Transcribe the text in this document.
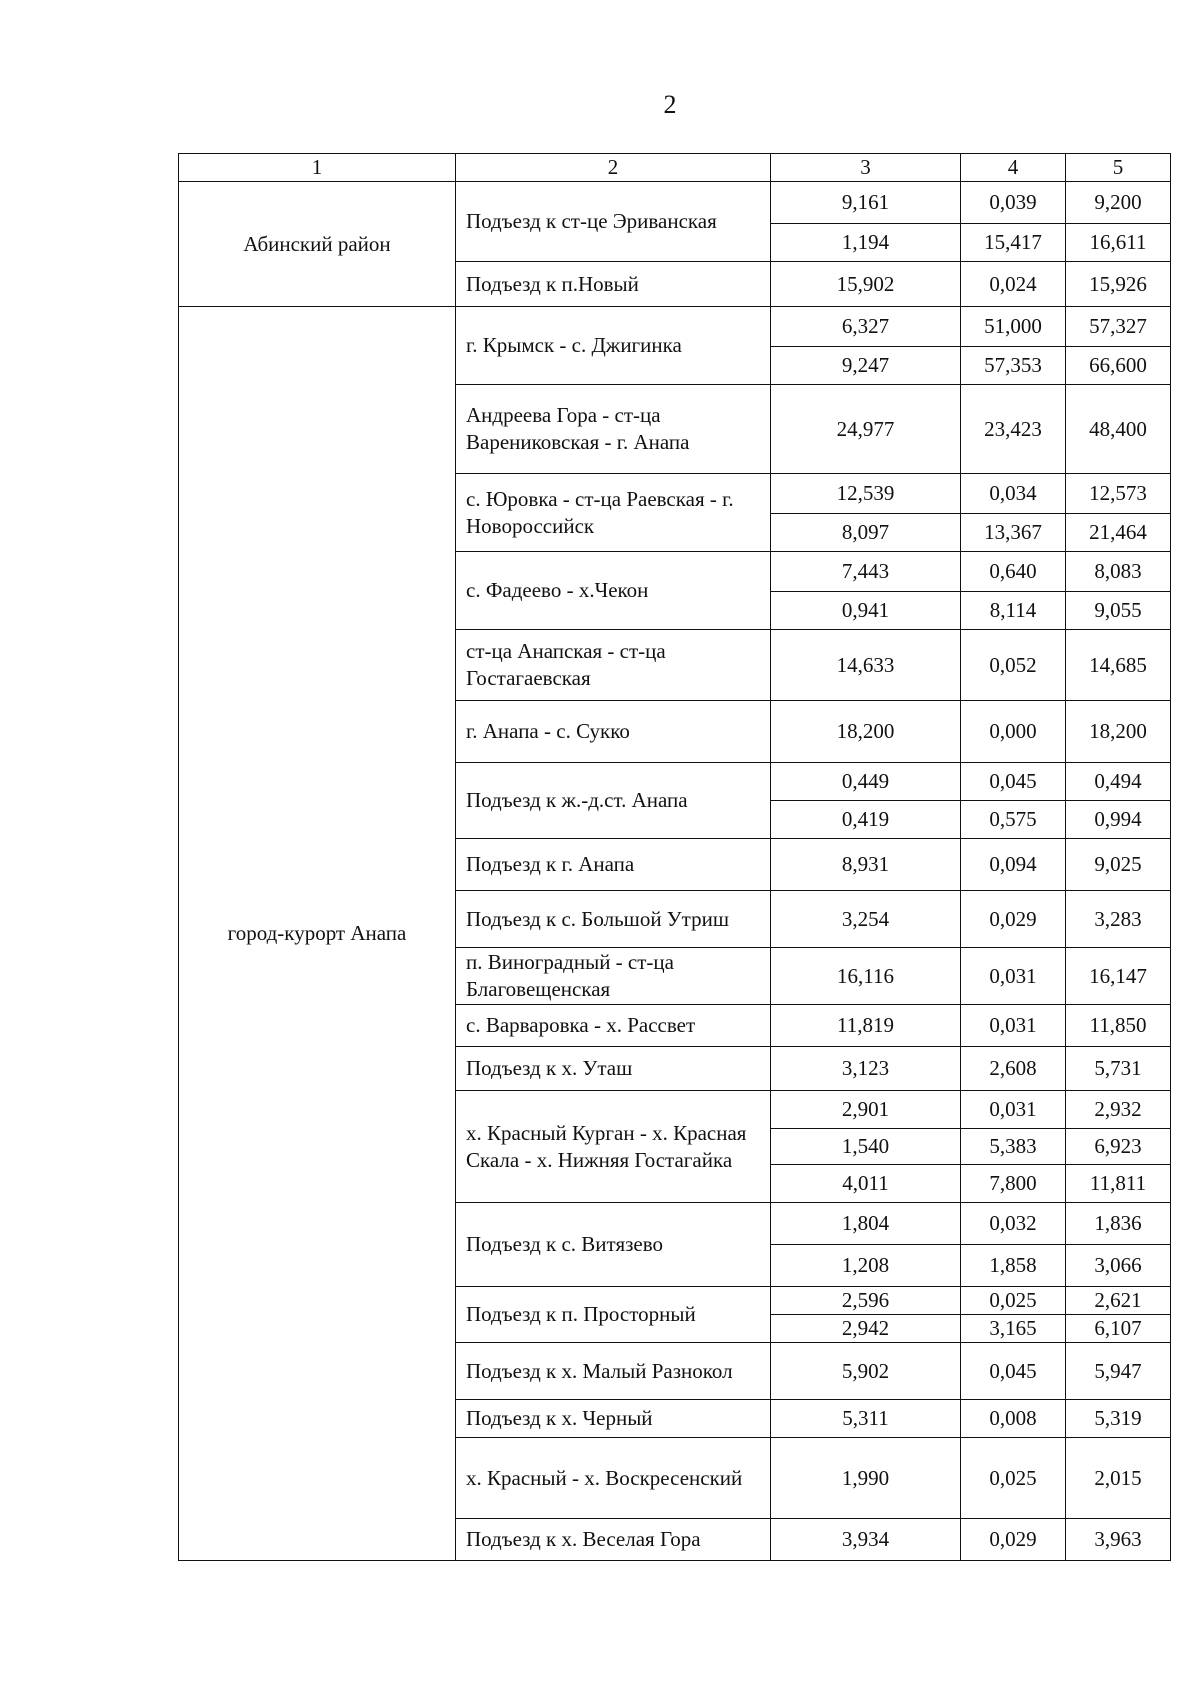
2
1	2	3	4	5
Абинский район	Подъезд к ст-це Эриванская	9,161	0,039	9,200
		1,194	15,417	16,611
	Подъезд к п.Новый	15,902	0,024	15,926
город-курорт Анапа	г. Крымск - с. Джигинка	6,327	51,000	57,327
		9,247	57,353	66,600
	Андреева Гора - ст-ца Варениковская - г. Анапа	24,977	23,423	48,400
	с. Юровка - ст-ца Раевская - г. Новороссийск	12,539	0,034	12,573
		8,097	13,367	21,464
	с. Фадеево - х.Чекон	7,443	0,640	8,083
		0,941	8,114	9,055
	ст-ца Анапская - ст-ца Гостагаевская	14,633	0,052	14,685
	г. Анапа - с. Сукко	18,200	0,000	18,200
	Подъезд к ж.-д.ст. Анапа	0,449	0,045	0,494
		0,419	0,575	0,994
	Подъезд к г. Анапа	8,931	0,094	9,025
	Подъезд к с. Большой Утриш	3,254	0,029	3,283
	п. Виноградный - ст-ца Благовещенская	16,116	0,031	16,147
	с. Варваровка - х. Рассвет	11,819	0,031	11,850
	Подъезд к х. Уташ	3,123	2,608	5,731
	х. Красный Курган - х. Красная Скала - х. Нижняя Гостагайка	2,901	0,031	2,932
		1,540	5,383	6,923
		4,011	7,800	11,811
	Подъезд к с. Витязево	1,804	0,032	1,836
		1,208	1,858	3,066
	Подъезд к п. Просторный	2,596	0,025	2,621
		2,942	3,165	6,107
	Подъезд к х. Малый Разнокол	5,902	0,045	5,947
	Подъезд к х. Черный	5,311	0,008	5,319
	х. Красный - х. Воскресенский	1,990	0,025	2,015
	Подъезд к х. Веселая Гора	3,934	0,029	3,963
